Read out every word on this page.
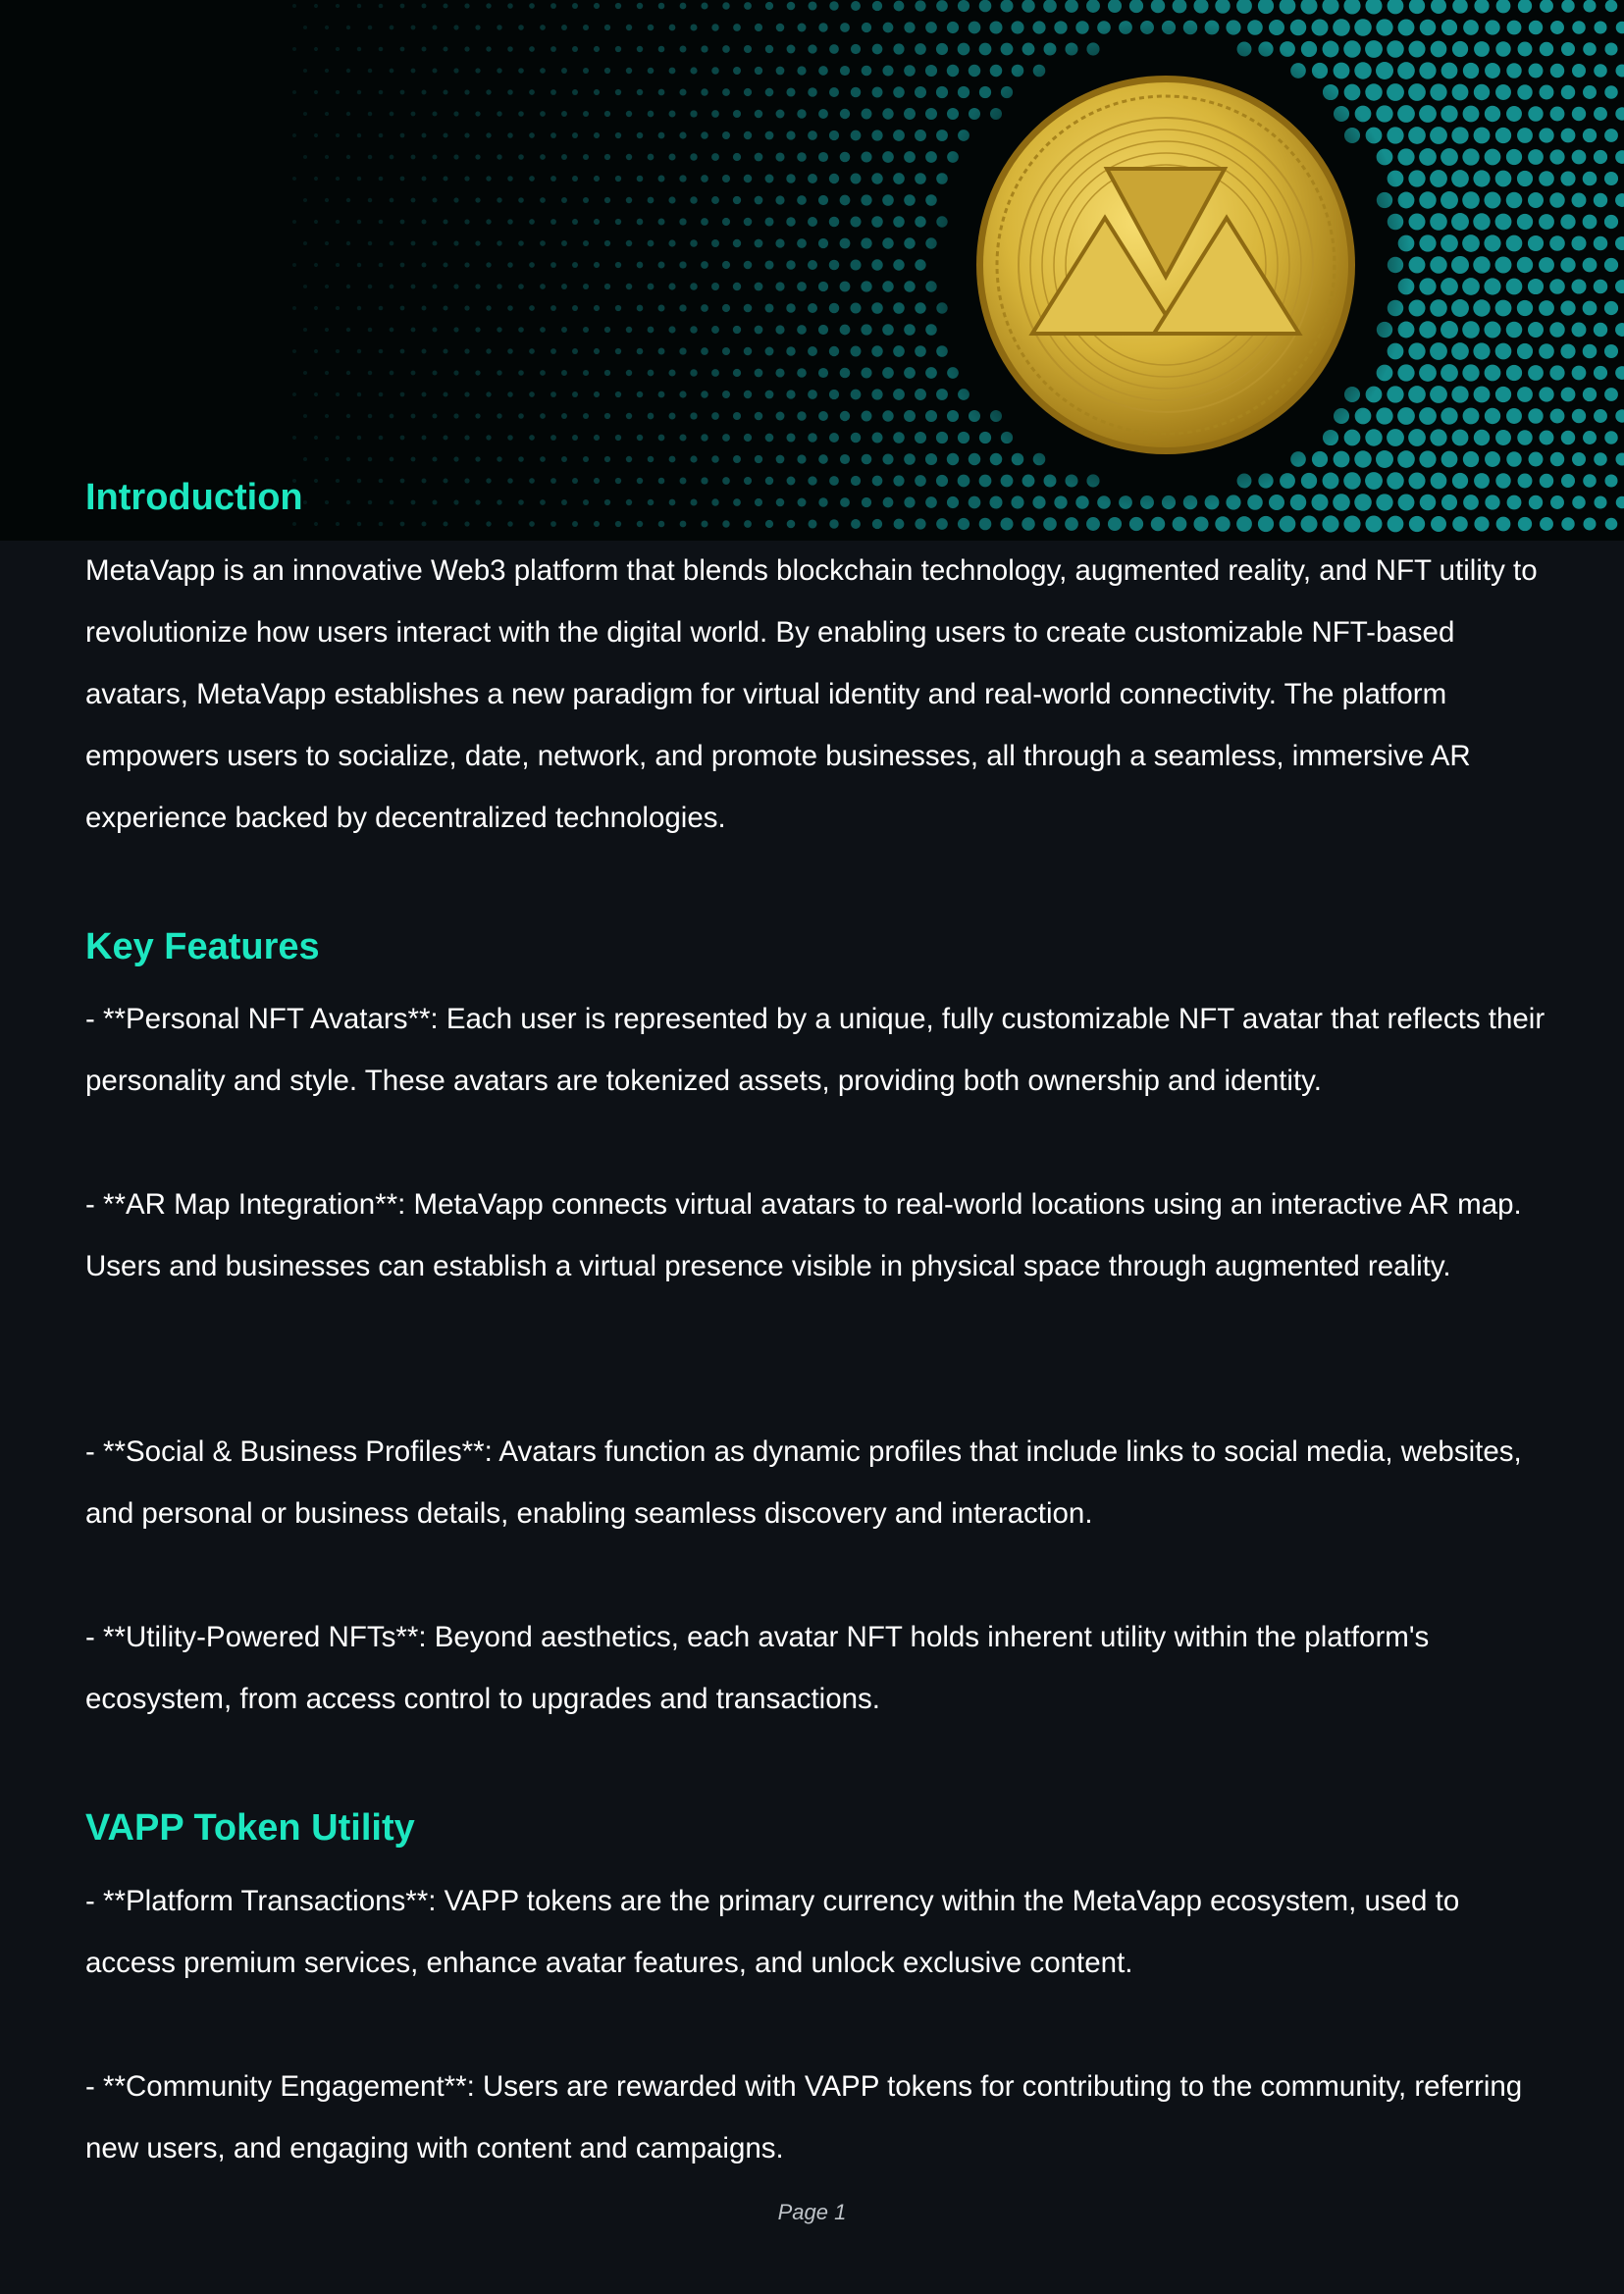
Introduction

MetaVapp is an innovative Web3 platform that blends blockchain technology, augmented reality, and NFT utility to revolutionize how users interact with the digital world. By enabling users to create customizable NFT-based avatars, MetaVapp establishes a new paradigm for virtual identity and real-world connectivity. The platform empowers users to socialize, date, network, and promote businesses, all through a seamless, immersive AR experience backed by decentralized technologies.

Key Features

- **Personal NFT Avatars**: Each user is represented by a unique, fully customizable NFT avatar that reflects their personality and style. These avatars are tokenized assets, providing both ownership and identity.

- **AR Map Integration**: MetaVapp connects virtual avatars to real-world locations using an interactive AR map. Users and businesses can establish a virtual presence visible in physical space through augmented reality.

- **Social & Business Profiles**: Avatars function as dynamic profiles that include links to social media, websites, and personal or business details, enabling seamless discovery and interaction.

- **Utility-Powered NFTs**: Beyond aesthetics, each avatar NFT holds inherent utility within the platform's ecosystem, from access control to upgrades and transactions.

VAPP Token Utility

- **Platform Transactions**: VAPP tokens are the primary currency within the MetaVapp ecosystem, used to access premium services, enhance avatar features, and unlock exclusive content.

- **Community Engagement**: Users are rewarded with VAPP tokens for contributing to the community, referring new users, and engaging with content and campaigns.

Page 1
